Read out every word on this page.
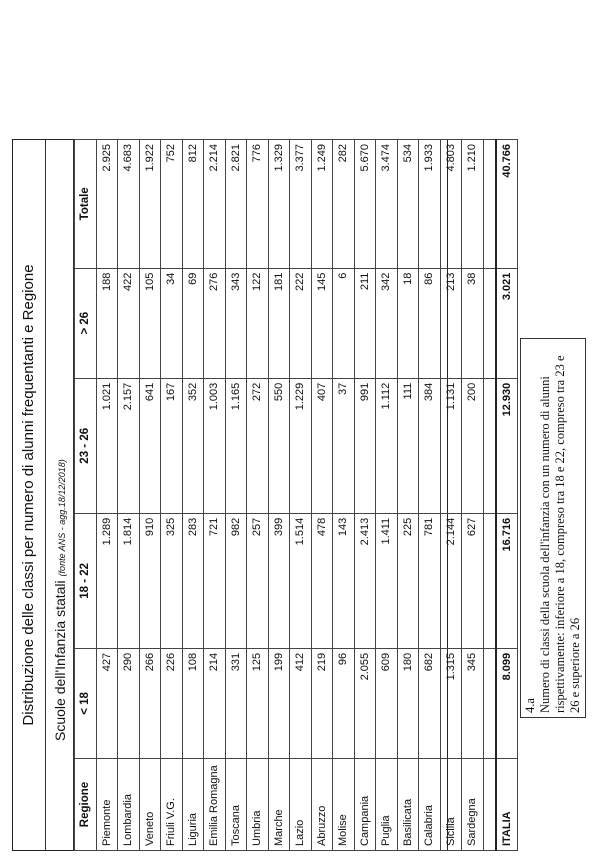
Distribuzione delle classi per numero di alunni frequentanti e Regione	Scuole dell'Infanzia statali (fonte ANS - agg.18/12/2018)
Regione	< 18	18 - 22	23 - 26	> 26	Totale
Piemonte	427	1.289	1.021	188	2.925
Lombardia	290	1.814	2.157	422	4.683
Veneto	266	910	641	105	1.922
Friuli V.G.	226	325	167	34	752
Liguria	108	283	352	69	812
Emilia Romagna	214	721	1.003	276	2.214
Toscana	331	982	1.165	343	2.821
Umbria	125	257	272	122	776
Marche	199	399	550	181	1.329
Lazio	412	1.514	1.229	222	3.377
Abruzzo	219	478	407	145	1.249
Molise	96	143	37	6	282
Campania	2.055	2.413	991	211	5.670
Puglia	609	1.411	1.112	342	3.474
Basilicata	180	225	111	18	534
Calabria	682	781	384	86	1.933
Sicilia	1.315	2.144	1.131	213	4.803
Sardegna	345	627	200	38	1.210

ITALIA	8.099	16.716	12.930	3.021	40.766
4.a Numero di classi della scuola dell'infanzia con un numero di alunni rispettivamente: inferiore a 18, compreso tra 18 e 22, compreso tra 23 e 26 e superiore a 26
